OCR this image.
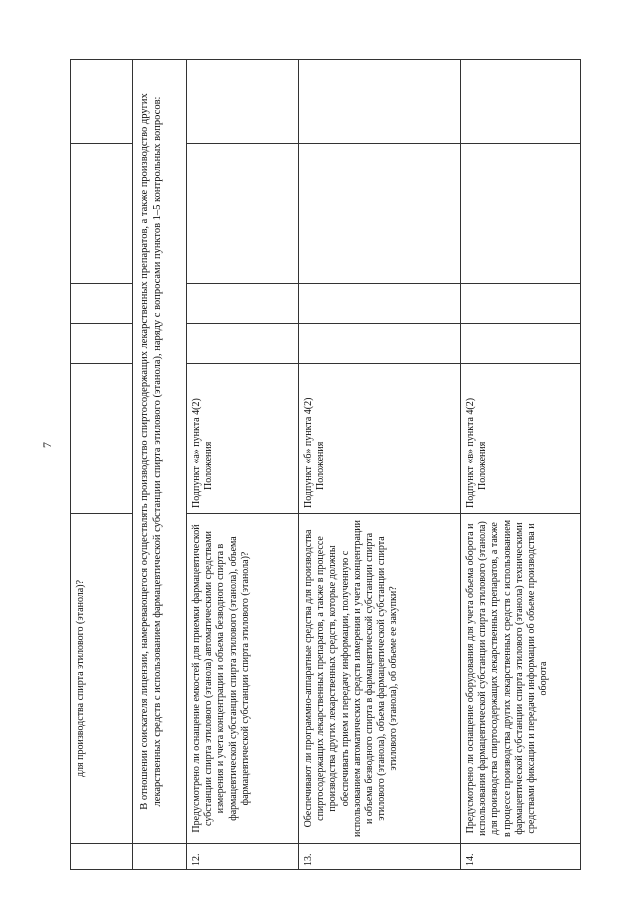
7
	для производства спирта этилового (этанола)?					
	В отношении соискателя лицензии, намеревающегося осуществлять производство спиртосодержащих лекарственных препаратов, а также производство других лекарственных средств с использованием фармацевтической субстанции спирта этилового (этанола), наряду с вопросами пунктов 1–5 контрольных вопросов:					
12.	Предусмотрено ли оснащение емкостей для приемки фармацевтической субстанции спирта этилового (этанола) автоматическими средствами измерения и учета концентрации и объема безводного спирта в фармацевтической субстанции спирта этилового (этанола), объема фармацевтической субстанции спирта этилового (этанола)?	Подпункт «а» пункта 4(2) Положения				

13.	Обеспечивают ли программно-аппаратные средства для производства спиртосодержащих лекарственных препаратов, а также в процессе производства других лекарственных средств, которые должны обеспечивать прием и передачу информации, полученную с использованием автоматических средств измерения и учета концентрации и объема безводного спирта в фармацевтической субстанции спирта этилового (этанола), объема фармацевтической субстанции спирта этилового (этанола), об объеме ее закупки?	Подпункт «б» пункта 4(2) Положения				

14.	Предусмотрено ли оснащение оборудования для учета объема оборота и использования фармацевтической субстанции спирта этилового (этанола) для производства спиртосодержащих лекарственных препаратов, а также в процессе производства других лекарственных средств с использованием фармацевтической субстанции спирта этилового (этанола) техническими средствами фиксации и передачи информации об объеме производства и оборота	Подпункт «в» пункта 4(2) Положения				
